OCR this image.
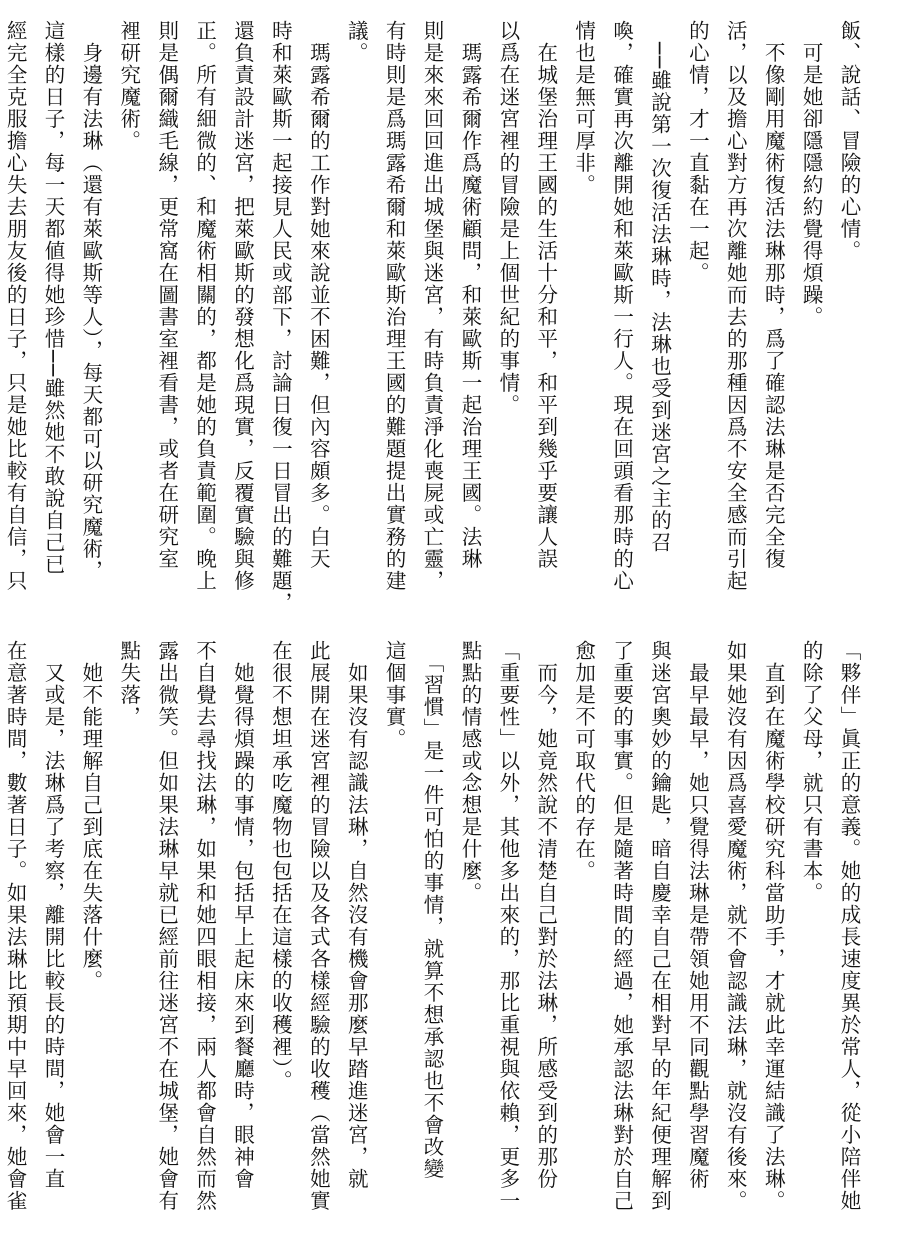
飯、說話、冒險的心情。
　可是她卻隱隱約約覺得煩躁。
　不像剛用魔術復活法琳那時，爲了確認法琳是否完全復
活，以及擔心對方再次離她而去的那種因爲不安全感而引起
的心情，才一直黏在一起。
　──雖說第一次復活法琳時，法琳也受到迷宮之主的召
喚，確實再次離開她和萊歐斯一行人。現在回頭看那時的心
情也是無可厚非。
　在城堡治理王國的生活十分和平，和平到幾乎要讓人誤
以爲在迷宮裡的冒險是上個世紀的事情。
　瑪露希爾作爲魔術顧問，和萊歐斯一起治理王國。法琳
則是來來回回進出城堡與迷宮，有時負責淨化喪屍或亡靈，
有時則是爲瑪露希爾和萊歐斯治理王國的難題提出實務的建
議。
　瑪露希爾的工作對她來說並不困難，但內容頗多。白天
時和萊歐斯一起接見人民或部下，討論日復一日冒出的難題，
還負責設計迷宮，把萊歐斯的發想化爲現實，反覆實驗與修
正。所有細微的、和魔術相關的，都是她的負責範圍。晚上
則是偶爾織毛線，更常窩在圖書室裡看書，或者在研究室
裡研究魔術。
　身邊有法琳（還有萊歐斯等人），每天都可以研究魔術，
這樣的日子，每一天都値得她珍惜──雖然她不敢說自己已
經完全克服擔心失去朋友後的日子，只是她比較有自信，只
「夥伴」眞正的意義。她的成長速度異於常人，從小陪伴她
的除了父母，就只有書本。
　直到在魔術學校研究科當助手，才就此幸運結識了法琳。
如果她沒有因爲喜愛魔術，就不會認識法琳，就沒有後來。
　最早最早，她只覺得法琳是帶領她用不同觀點學習魔術
與迷宮奧妙的鑰匙，暗自慶幸自己在相對早的年紀便理解到
了重要的事實。但是隨著時間的經過，她承認法琳對於自己
愈加是不可取代的存在。
　而今，她竟然說不清楚自己對於法琳，所感受到的那份
「重要性」以外，其他多出來的，那比重視與依賴，更多一
點點的情感或念想是什麼。
　「習慣」是一件可怕的事情，就算不想承認也不會改變
這個事實。
　如果沒有認識法琳，自然沒有機會那麼早踏進迷宮，就
此展開在迷宮裡的冒險以及各式各樣經驗的收穫（當然她實
在很不想坦承吃魔物也包括在這樣的收穫裡）。
　她覺得煩躁的事情，包括早上起床來到餐廳時，眼神會
不自覺去尋找法琳，如果和她四眼相接，兩人都會自然而然
露出微笑。但如果法琳早就已經前往迷宮不在城堡，她會有
點失落，
　她不能理解自己到底在失落什麼。
　又或是，法琳爲了考察，離開比較長的時間，她會一直
在意著時間，數著日子。如果法琳比預期中早回來，她會雀
